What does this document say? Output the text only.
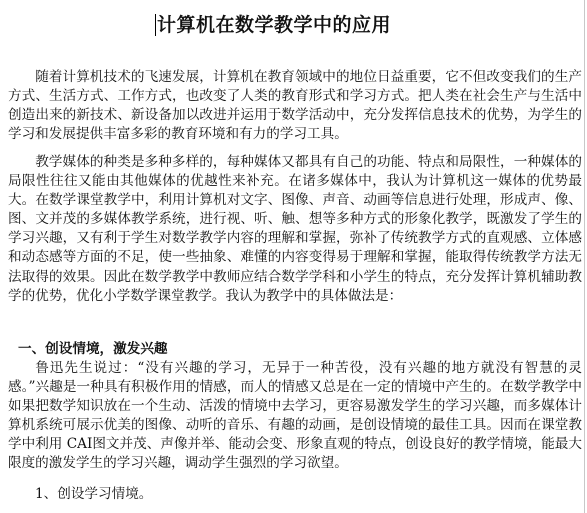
计算机在数学教学中的应用

随着计算机技术的飞速发展，计算机在教育领域中的地位日益重要，它不但改变我们的生产方式、生活方式、工作方式，也改变了人类的教育形式和学习方式。把人类在社会生产与生活中创造出来的新技术、新设备加以改进并运用于数学活动中，充分发挥信息技术的优势，为学生的学习和发展提供丰富多彩的教育环境和有力的学习工具。

教学媒体的种类是多种多样的，每种媒体又都具有自己的功能、特点和局限性，一种媒体的局限性往往又能由其他媒体的优越性来补充。在诸多媒体中，我认为计算机这一媒体的优势最大。在数学课堂教学中，利用计算机对文字、图像、声音、动画等信息进行处理，形成声、像、图、文并茂的多媒体教学系统，进行视、听、触、想等多种方式的形象化教学，既激发了学生的学习兴趣，又有利于学生对数学教学内容的理解和掌握，弥补了传统教学方式的直观感、立体感和动态感等方面的不足，使一些抽象、难懂的内容变得易于理解和掌握，能取得传统教学方法无法取得的效果。因此在数学教学中教师应结合数学学科和小学生的特点，充分发挥计算机辅助教学的优势，优化小学数学课堂教学。我认为教学中的具体做法是：

一、创设情境，激发兴趣

鲁迅先生说过：“没有兴趣的学习，无异于一种苦役，没有兴趣的地方就没有智慧的灵感。”兴趣是一种具有积极作用的情感，而人的情感又总是在一定的情境中产生的。在数学教学中如果把数学知识放在一个生动、活泼的情境中去学习，更容易激发学生的学习兴趣，而多媒体计算机系统可展示优美的图像、动听的音乐、有趣的动画，是创设情境的最佳工具。因而在课堂教学中利用 CAI图文并茂、声像并举、能动会变、形象直观的特点，创设良好的教学情境，能最大限度的激发学生的学习兴趣，调动学生强烈的学习欲望。

1、创设学习情境。
